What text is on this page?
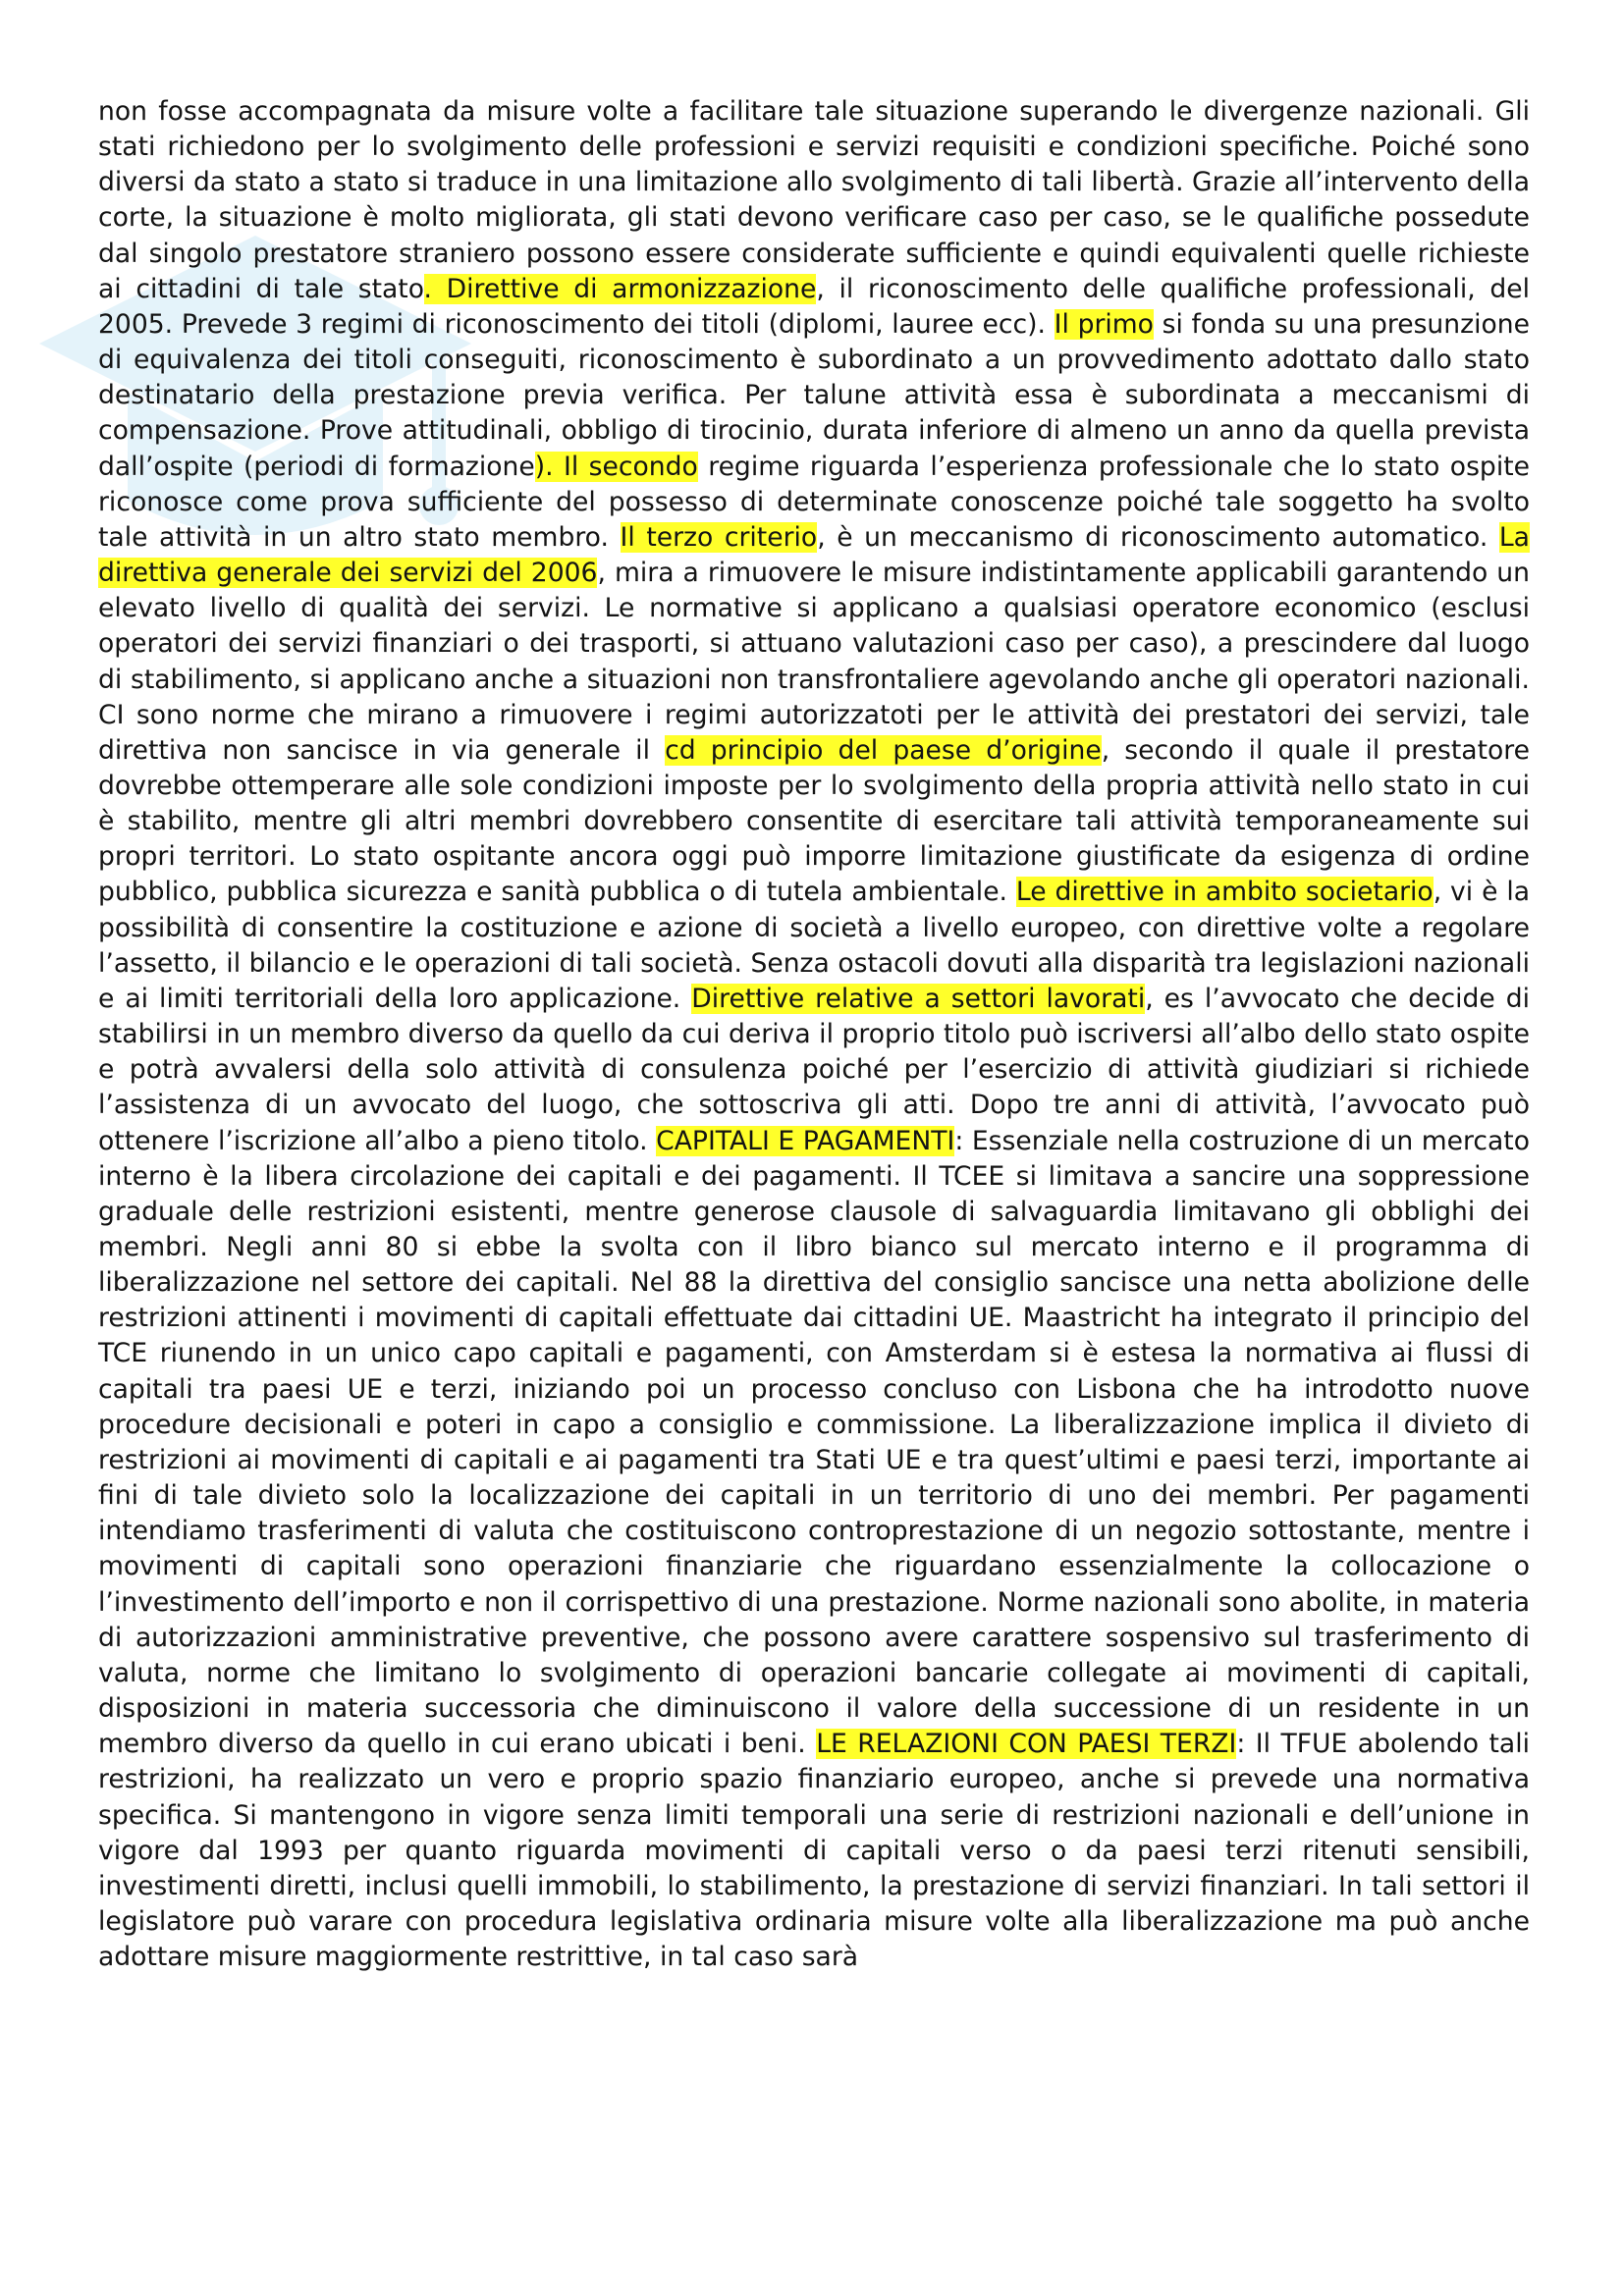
non fosse accompagnata da misure volte a facilitare tale situazione superando le divergenze nazionali. Gli stati richiedono per lo svolgimento delle professioni e servizi requisiti e condizioni specifiche. Poiché sono diversi da stato a stato si traduce in una limitazione allo svolgimento di tali libertà. Grazie all’intervento della corte, la situazione è molto migliorata, gli stati devono verificare caso per caso, se le qualifiche possedute dal singolo prestatore straniero possono essere considerate sufficiente e quindi equivalenti quelle richieste ai cittadini di tale stato. Direttive di armonizzazione, il riconoscimento delle qualifiche professionali, del 2005. Prevede 3 regimi di riconoscimento dei titoli (diplomi, lauree ecc). Il primo si fonda su una presunzione di equivalenza dei titoli conseguiti, riconoscimento è subordinato a un provvedimento adottato dallo stato destinatario della prestazione previa verifica. Per talune attività essa è subordinata a meccanismi di compensazione. Prove attitudinali, obbligo di tirocinio, durata inferiore di almeno un anno da quella prevista dall’ospite (periodi di formazione). Il secondo regime riguarda l’esperienza professionale che lo stato ospite riconosce come prova sufficiente del possesso di determinate conoscenze poiché tale soggetto ha svolto tale attività in un altro stato membro. Il terzo criterio, è un meccanismo di riconoscimento automatico. La direttiva generale dei servizi del 2006, mira a rimuovere le misure indistintamente applicabili garantendo un elevato livello di qualità dei servizi. Le normative si applicano a qualsiasi operatore economico (esclusi operatori dei servizi finanziari o dei trasporti, si attuano valutazioni caso per caso), a prescindere dal luogo di stabilimento, si applicano anche a situazioni non transfrontaliere agevolando anche gli operatori nazionali. CI sono norme che mirano a rimuovere i regimi autorizzatoti per le attività dei prestatori dei servizi, tale direttiva non sancisce in via generale il cd principio del paese d’origine, secondo il quale il prestatore dovrebbe ottemperare alle sole condizioni imposte per lo svolgimento della propria attività nello stato in cui è stabilito, mentre gli altri membri dovrebbero consentite di esercitare tali attività temporaneamente sui propri territori. Lo stato ospitante ancora oggi può imporre limitazione giustificate da esigenza di ordine pubblico, pubblica sicurezza e sanità pubblica o di tutela ambientale. Le direttive in ambito societario, vi è la possibilità di consentire la costituzione e azione di società a livello europeo, con direttive volte a regolare l’assetto, il bilancio e le operazioni di tali società. Senza ostacoli dovuti alla disparità tra legislazioni nazionali e ai limiti territoriali della loro applicazione. Direttive relative a settori lavorati, es l’avvocato che decide di stabilirsi in un membro diverso da quello da cui deriva il proprio titolo può iscriversi all’albo dello stato ospite e potrà avvalersi della solo attività di consulenza poiché per l’esercizio di attività giudiziari si richiede l’assistenza di un avvocato del luogo, che sottoscriva gli atti. Dopo tre anni di attività, l’avvocato può ottenere l’iscrizione all’albo a pieno titolo. CAPITALI E PAGAMENTI: Essenziale nella costruzione di un mercato interno è la libera circolazione dei capitali e dei pagamenti. Il TCEE si limitava a sancire una soppressione graduale delle restrizioni esistenti, mentre generose clausole di salvaguardia limitavano gli obblighi dei membri. Negli anni 80 si ebbe la svolta con il libro bianco sul mercato interno e il programma di liberalizzazione nel settore dei capitali. Nel 88 la direttiva del consiglio sancisce una netta abolizione delle restrizioni attinenti i movimenti di capitali effettuate dai cittadini UE. Maastricht ha integrato il principio del TCE riunendo in un unico capo capitali e pagamenti, con Amsterdam si è estesa la normativa ai flussi di capitali tra paesi UE e terzi, iniziando poi un processo concluso con Lisbona che ha introdotto nuove procedure decisionali e poteri in capo a consiglio e commissione. La liberalizzazione implica il divieto di restrizioni ai movimenti di capitali e ai pagamenti tra Stati UE e tra quest’ultimi e paesi terzi, importante ai fini di tale divieto solo la localizzazione dei capitali in un territorio di uno dei membri. Per pagamenti intendiamo trasferimenti di valuta che costituiscono controprestazione di un negozio sottostante, mentre i movimenti di capitali sono operazioni finanziarie che riguardano essenzialmente la collocazione o l’investimento dell’importo e non il corrispettivo di una prestazione. Norme nazionali sono abolite, in materia di autorizzazioni amministrative preventive, che possono avere carattere sospensivo sul trasferimento di valuta, norme che limitano lo svolgimento di operazioni bancarie collegate ai movimenti di capitali, disposizioni in materia successoria che diminuiscono il valore della successione di un residente in un membro diverso da quello in cui erano ubicati i beni. LE RELAZIONI CON PAESI TERZI: Il TFUE abolendo tali restrizioni, ha realizzato un vero e proprio spazio finanziario europeo, anche si prevede una normativa specifica. Si mantengono in vigore senza limiti temporali una serie di restrizioni nazionali e dell’unione in vigore dal 1993 per quanto riguarda movimenti di capitali verso o da paesi terzi ritenuti sensibili, investimenti diretti, inclusi quelli immobili, lo stabilimento, la prestazione di servizi finanziari. In tali settori il legislatore può varare con procedura legislativa ordinaria misure volte alla liberalizzazione ma può anche adottare misure maggiormente restrittive, in tal caso sarà
